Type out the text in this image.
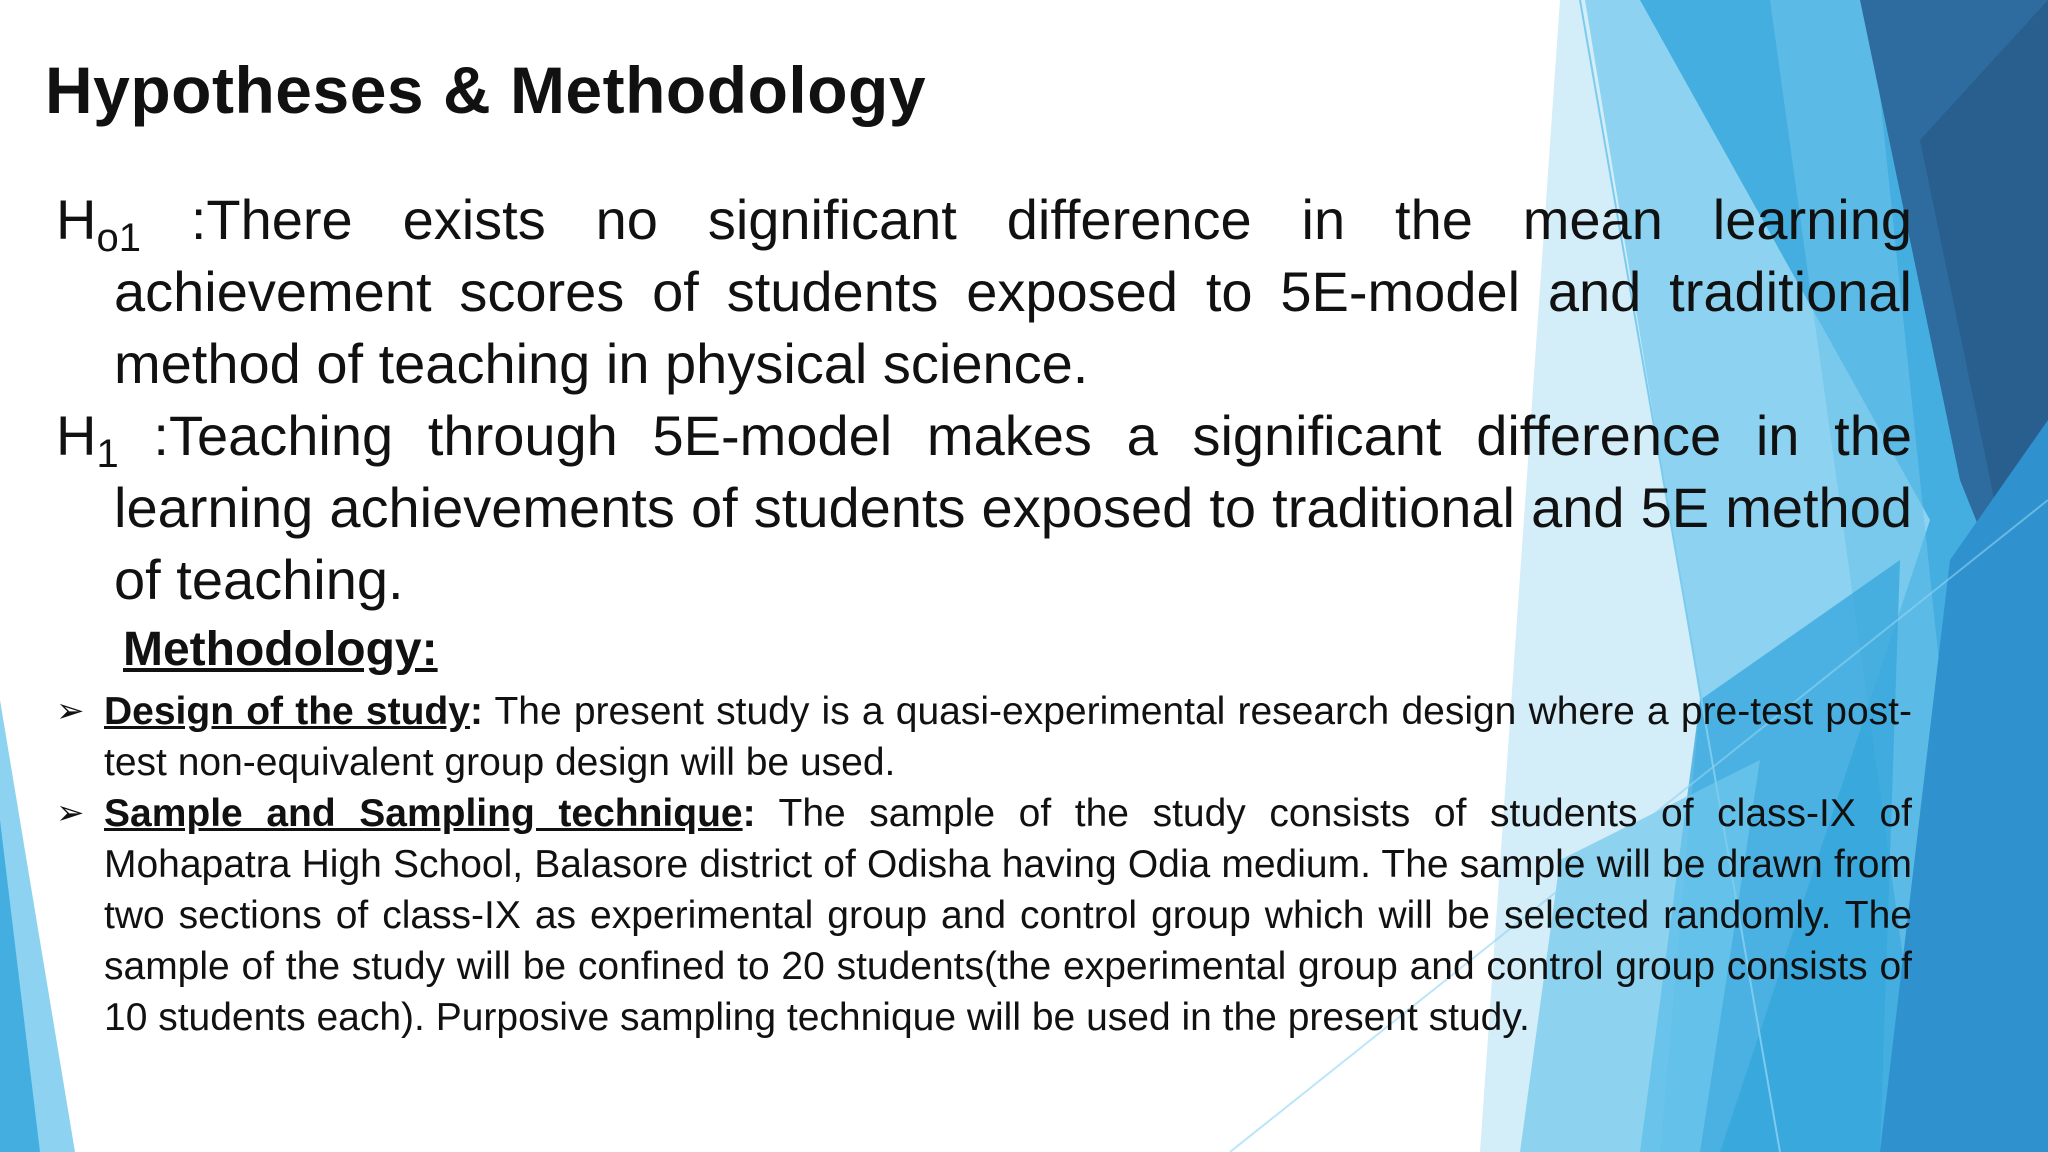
Hypotheses & Methodology

$H_{o1}$ :There exists no significant difference in the mean learning achievement scores of students exposed to 5E-model and traditional method of teaching in physical science.

$H_1$ :Teaching through 5E-model makes a significant difference in the learning achievements of students exposed to traditional and 5E method of teaching.

Methodology:

➢ Design of the study: The present study is a quasi-experimental research design where a pre-test post-test non-equivalent group design will be used.

➢ Sample and Sampling technique: The sample of the study consists of students of class-IX of Mohapatra High School, Balasore district of Odisha having Odia medium. The sample will be drawn from two sections of class-IX as experimental group and control group which will be selected randomly. The sample of the study will be confined to 20 students(the experimental group and control group consists of 10 students each). Purposive sampling technique will be used in the present study.
